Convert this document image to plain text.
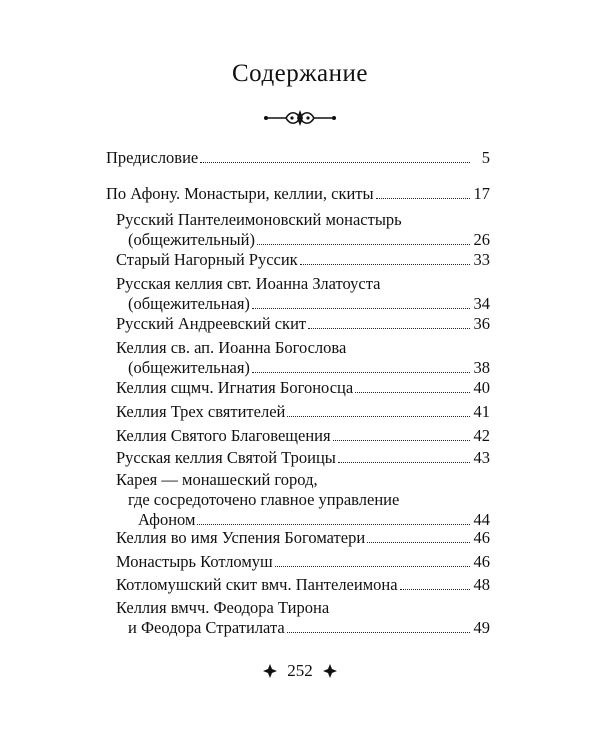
Содержание
Предисловие	5
По Афону. Монастыри, келлии, скиты	17
Русский Пантелеимоновский монастырь
(общежительный)	26
Старый Нагорный Руссик	33
Русская келлия свт. Иоанна Златоуста
(общежительная)	34
Русский Андреевский скит	36
Келлия св. ап. Иоанна Богослова
(общежительная)	38
Келлия сщмч. Игнатия Богоносца	40
Келлия Трех святителей	41
Келлия Святого Благовещения	42
Русская келлия Святой Троицы	43
Карея — монашеский город,
где сосредоточено главное управление
Афоном	44
Келлия во имя Успения Богоматери	46
Монастырь Котломуш	46
Котломушский скит вмч. Пантелеимона	48
Келлия вмчч. Феодора Тирона
и Феодора Стратилата	49
252
